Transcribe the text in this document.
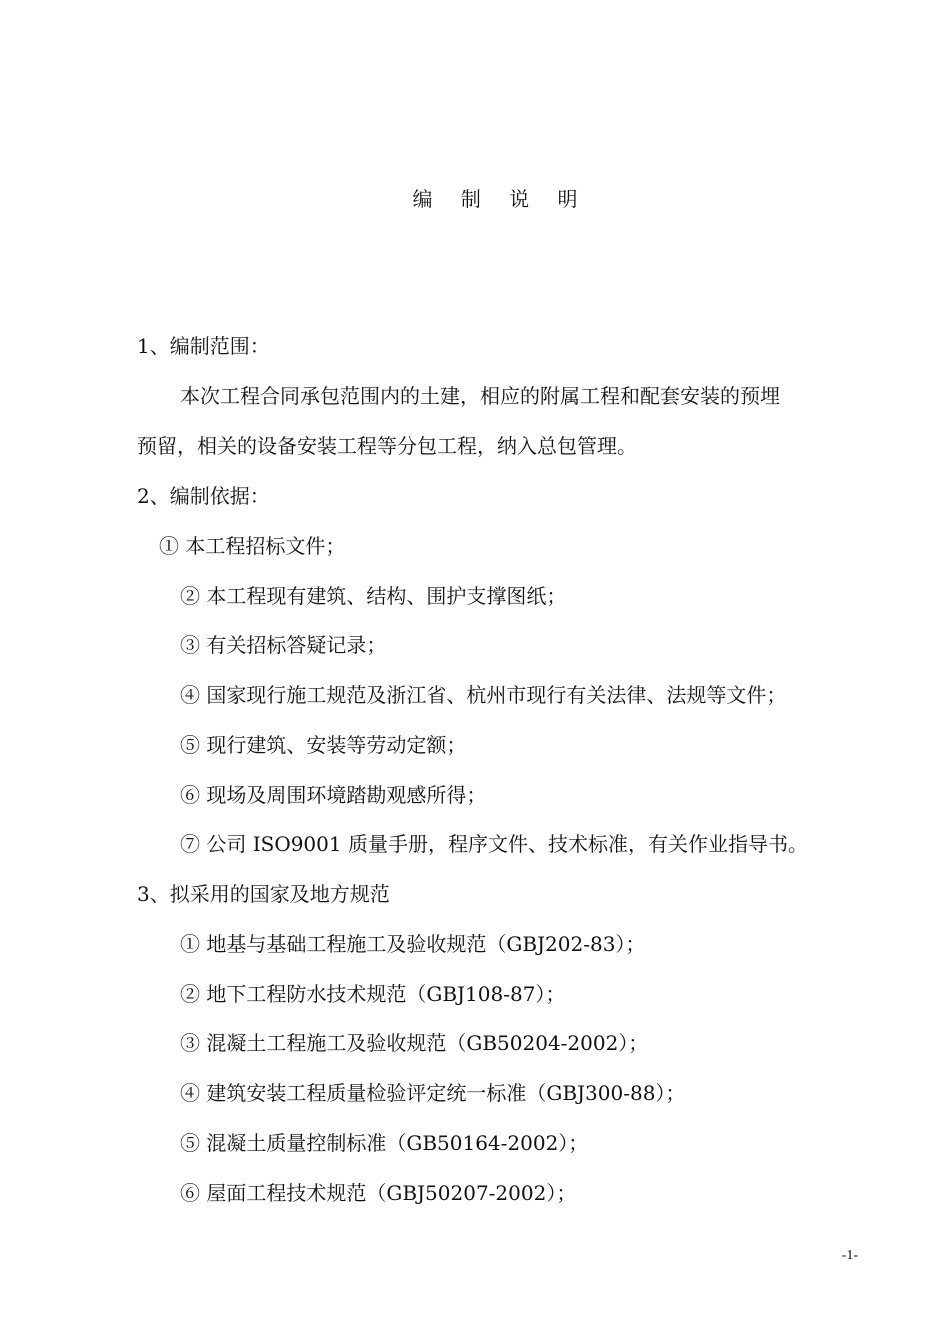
编 制 说 明
1、编制范围：
本次工程合同承包范围内的土建，相应的附属工程和配套安装的预埋
预留，相关的设备安装工程等分包工程，纳入总包管理。
2、编制依据：
① 本工程招标文件；
② 本工程现有建筑、结构、围护支撑图纸；
③ 有关招标答疑记录；
④ 国家现行施工规范及浙江省、杭州市现行有关法律、法规等文件；
⑤ 现行建筑、安装等劳动定额；
⑥ 现场及周围环境踏勘观感所得；
⑦ 公司 ISO9001 质量手册，程序文件、技术标准，有关作业指导书。
3、拟采用的国家及地方规范
① 地基与基础工程施工及验收规范（GBJ202-83）；
② 地下工程防水技术规范（GBJ108-87）；
③ 混凝土工程施工及验收规范（GB50204-2002）；
④ 建筑安装工程质量检验评定统一标准（GBJ300-88）；
⑤ 混凝土质量控制标准（GB50164-2002）；
⑥ 屋面工程技术规范（GBJ50207-2002）；
-1-
